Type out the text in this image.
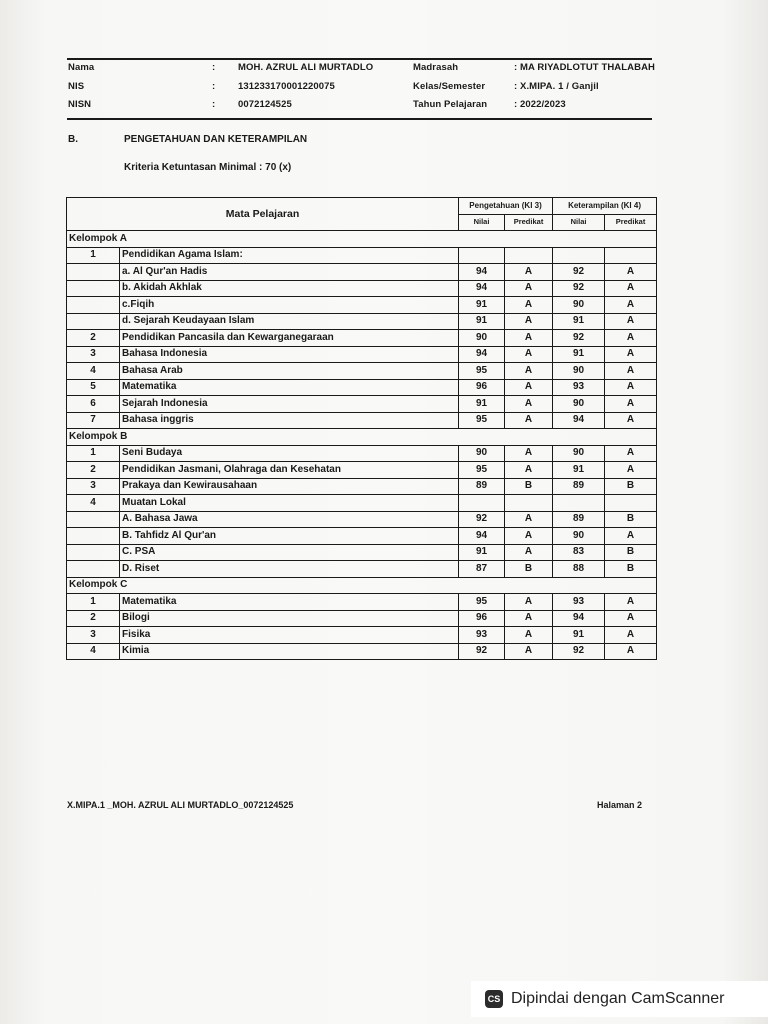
Nama	: MOH. AZRUL ALI MURTADLO
NIS	: 131233170001220075
NISN	: 0072124525
Madrasah	: MA RIYADLOTUT THALABAH
Kelas/Semester	: X.MIPA. 1 / Ganjil
Tahun Pelajaran	: 2022/2023
B.	PENGETAHUAN DAN KETERAMPILAN
Kriteria Ketuntasan Minimal : 70 (x)
Mata Pelajaran		Pengetahuan (KI 3)		Keterampilan (KI 4)	
		Nilai	Predikat	Nilai	Predikat
Kelompok A					
1	Pendidikan Agama Islam:				
	a. Al Qur'an Hadis	94	A	92	A
	b. Akidah Akhlak	94	A	92	A
	c.Fiqih	91	A	90	A
	d. Sejarah Keudayaan Islam	91	A	91	A
2	Pendidikan Pancasila dan Kewarganegaraan	90	A	92	A
3	Bahasa Indonesia	94	A	91	A
4	Bahasa Arab	95	A	90	A
5	Matematika	96	A	93	A
6	Sejarah Indonesia	91	A	90	A
7	Bahasa inggris	95	A	94	A
Kelompok B					
1	Seni Budaya	90	A	90	A
2	Pendidikan Jasmani, Olahraga dan Kesehatan	95	A	91	A
3	Prakaya dan Kewirausahaan	89	B	89	B
4	Muatan Lokal				
	A. Bahasa Jawa	92	A	89	B
	B. Tahfidz Al Qur'an	94	A	90	A
	C. PSA	91	A	83	B
	D. Riset	87	B	88	B
Kelompok C					
1	Matematika	95	A	93	A
2	Bilogi	96	A	94	A
3	Fisika	93	A	91	A
4	Kimia	92	A	92	A
X.MIPA.1 _MOH. AZRUL ALI MURTADLO_0072124525	Halaman 2
CS Dipindai dengan CamScanner
